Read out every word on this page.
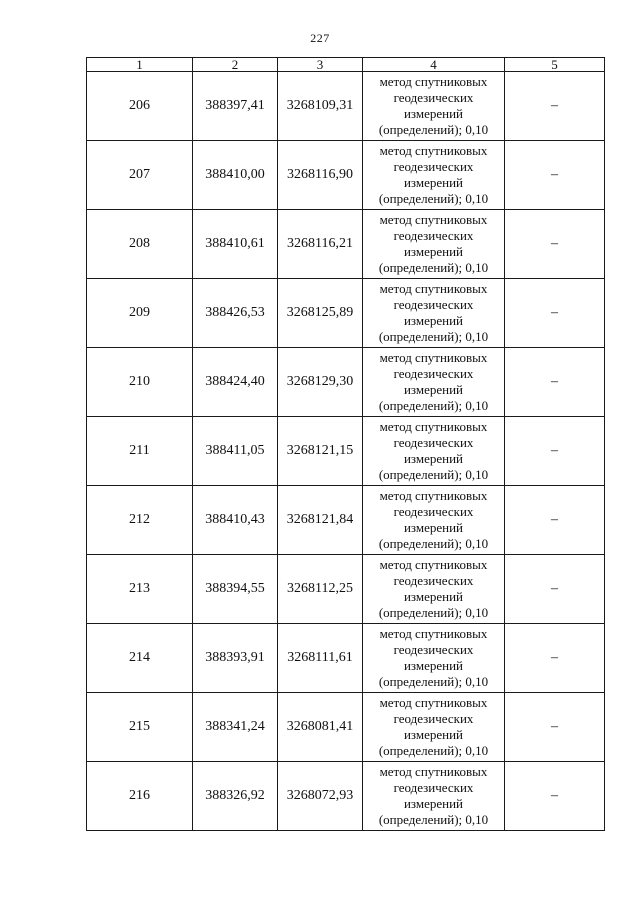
227
1	2	3	4	5
206	388397,41	3268109,31	метод спутниковых геодезических измерений (определений); 0,10	–
207	388410,00	3268116,90	метод спутниковых геодезических измерений (определений); 0,10	–
208	388410,61	3268116,21	метод спутниковых геодезических измерений (определений); 0,10	–
209	388426,53	3268125,89	метод спутниковых геодезических измерений (определений); 0,10	–
210	388424,40	3268129,30	метод спутниковых геодезических измерений (определений); 0,10	–
211	388411,05	3268121,15	метод спутниковых геодезических измерений (определений); 0,10	–
212	388410,43	3268121,84	метод спутниковых геодезических измерений (определений); 0,10	–
213	388394,55	3268112,25	метод спутниковых геодезических измерений (определений); 0,10	–
214	388393,91	3268111,61	метод спутниковых геодезических измерений (определений); 0,10	–
215	388341,24	3268081,41	метод спутниковых геодезических измерений (определений); 0,10	–
216	388326,92	3268072,93	метод спутниковых геодезических измерений (определений); 0,10	–
